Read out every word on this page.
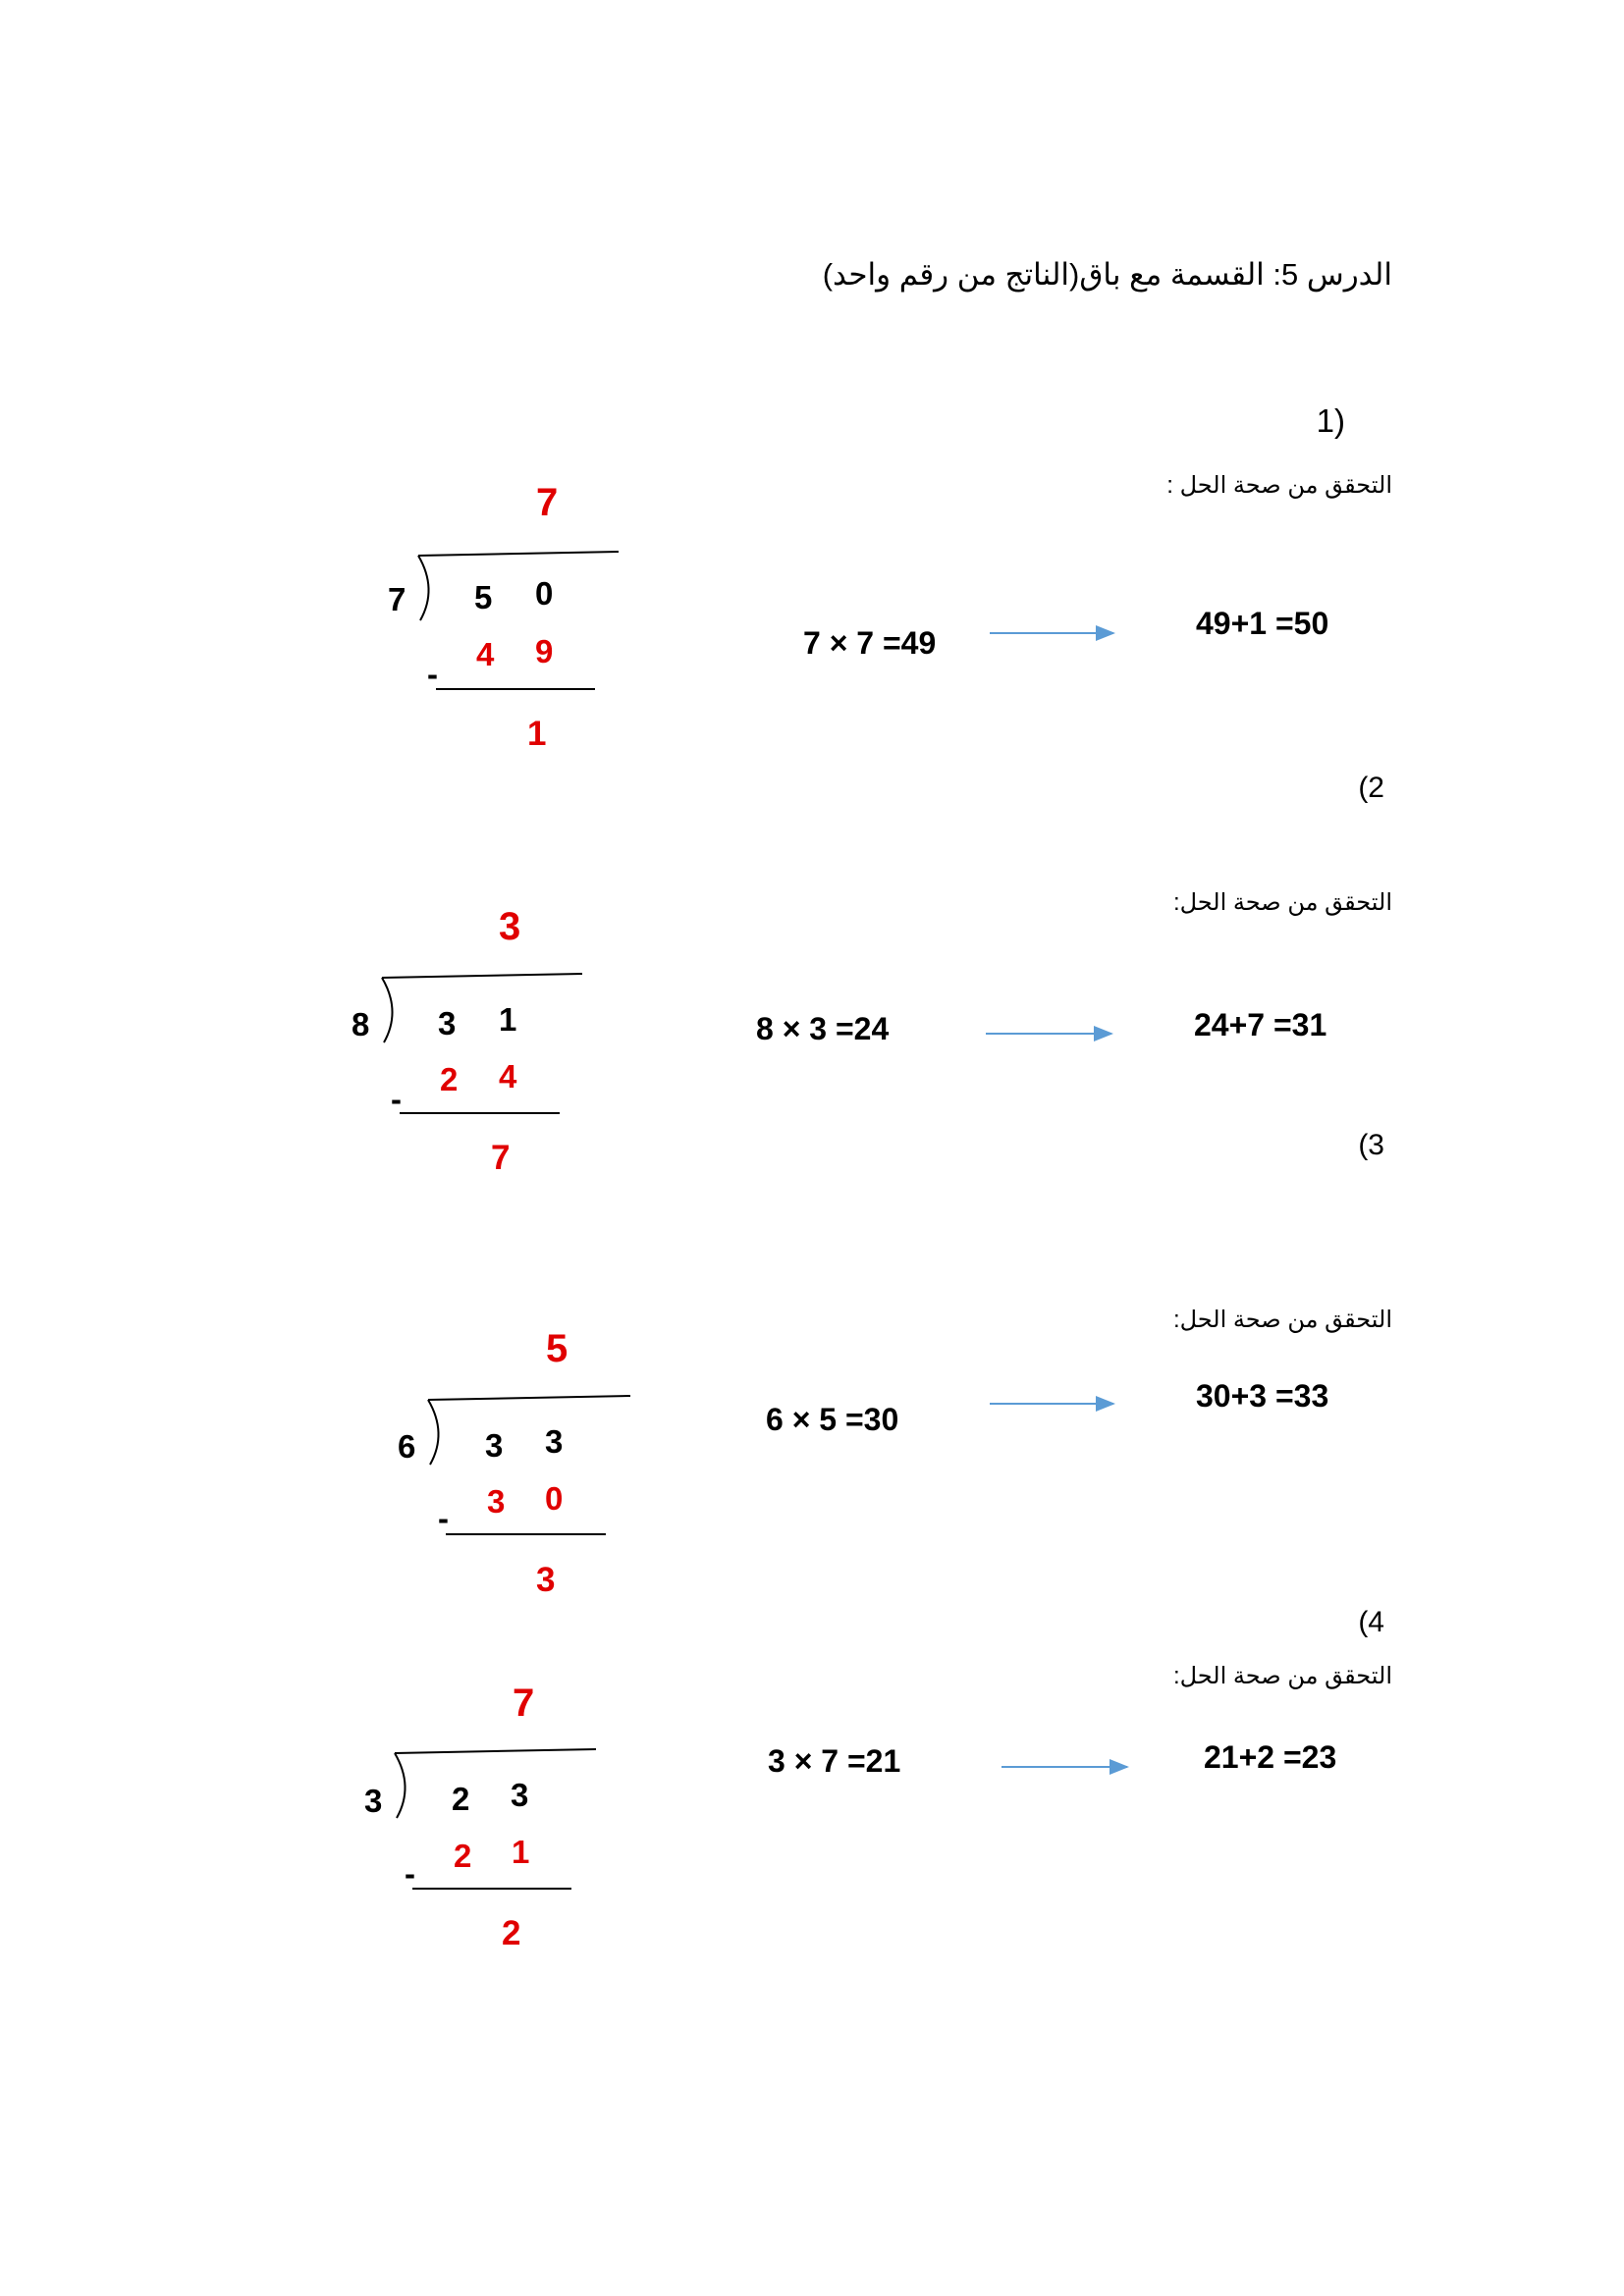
الدرس 5: القسمة مع باق(الناتج من رقم واحد)
1)
التحقق من صحة الحل :
7
7 5 0
4 9
-
1
7 × 7 =49
49+1 =50
(2
التحقق من صحة الحل:
3
8 3 1
2 4
-
7
8 × 3 =24	24+7 =31
(3
التحقق من صحة الحل:
5
6 3 3
3 0
-
3
6 × 5 =30
30+3 =33
(4
التحقق من صحة الحل:
7
3 2 3
2 1
-
2
3 × 7 =21	21+2 =23
